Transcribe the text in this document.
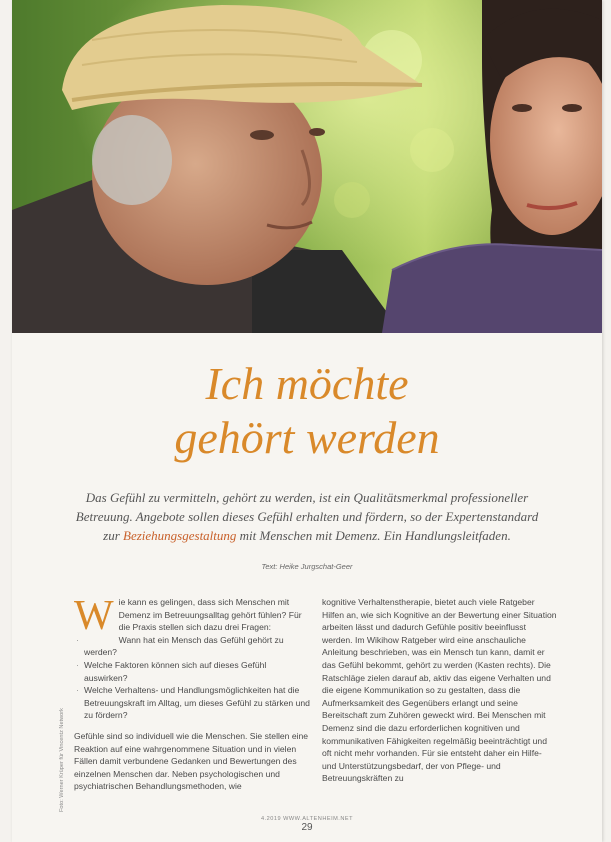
Ich möchte
gehört werden
Das Gefühl zu vermitteln, gehört zu werden, ist ein Qualitätsmerkmal professioneller Betreuung. Angebote sollen dieses Gefühl erhalten und fördern, so der Expertenstandard zur Beziehungsgestaltung mit Menschen mit Demenz. Ein Handlungsleitfaden.
Text: Heike Jurgschat-Geer
Foto: Werner Krüper für Vincentz Network
W ie kann es gelingen, dass sich Menschen mit Demenz im Betreuungsalltag gehört fühlen? Für die Praxis stellen sich dazu drei Fragen:

· Wann hat ein Mensch das Gefühl gehört zu werden?

· Welche Faktoren können sich auf dieses Gefühl auswirken?

· Welche Verhaltens- und Handlungsmöglichkeiten hat die Betreuungskraft im Alltag, um dieses Gefühl zu stärken und zu fördern?

Gefühle sind so individuell wie die Menschen. Sie stellen eine Reaktion auf eine wahrgenommene Situation und in vielen Fällen damit verbundene Gedanken und Bewertungen des einzelnen Menschen dar. Neben psychologischen und psychiatrischen Behandlungsmethoden, wie

kognitive Verhaltenstherapie, bietet auch viele Ratgeber Hilfen an, wie sich Kognitive an der Bewertung einer Situation arbeiten lässt und dadurch Gefühle positiv beeinflusst werden. Im Wikihow Ratgeber wird eine anschauliche Anleitung beschrieben, was ein Mensch tun kann, damit er das Gefühl bekommt, gehört zu werden (Kasten rechts). Die Ratschläge zielen darauf ab, aktiv das eigene Verhalten und die eigene Kommunikation so zu gestalten, dass die Aufmerksamkeit des Gegenübers erlangt und seine Bereitschaft zum Zuhören geweckt wird. Bei Menschen mit Demenz sind die dazu erforderlichen kognitiven und kommunikativen Fähigkeiten regelmäßig beeinträchtigt und oft nicht mehr vorhanden. Für sie entsteht daher ein Hilfe- und Unterstützungsbedarf, der von Pflege- und Betreuungskräften zu

4.2019 WWW.ALTENHEIM.NET
29
